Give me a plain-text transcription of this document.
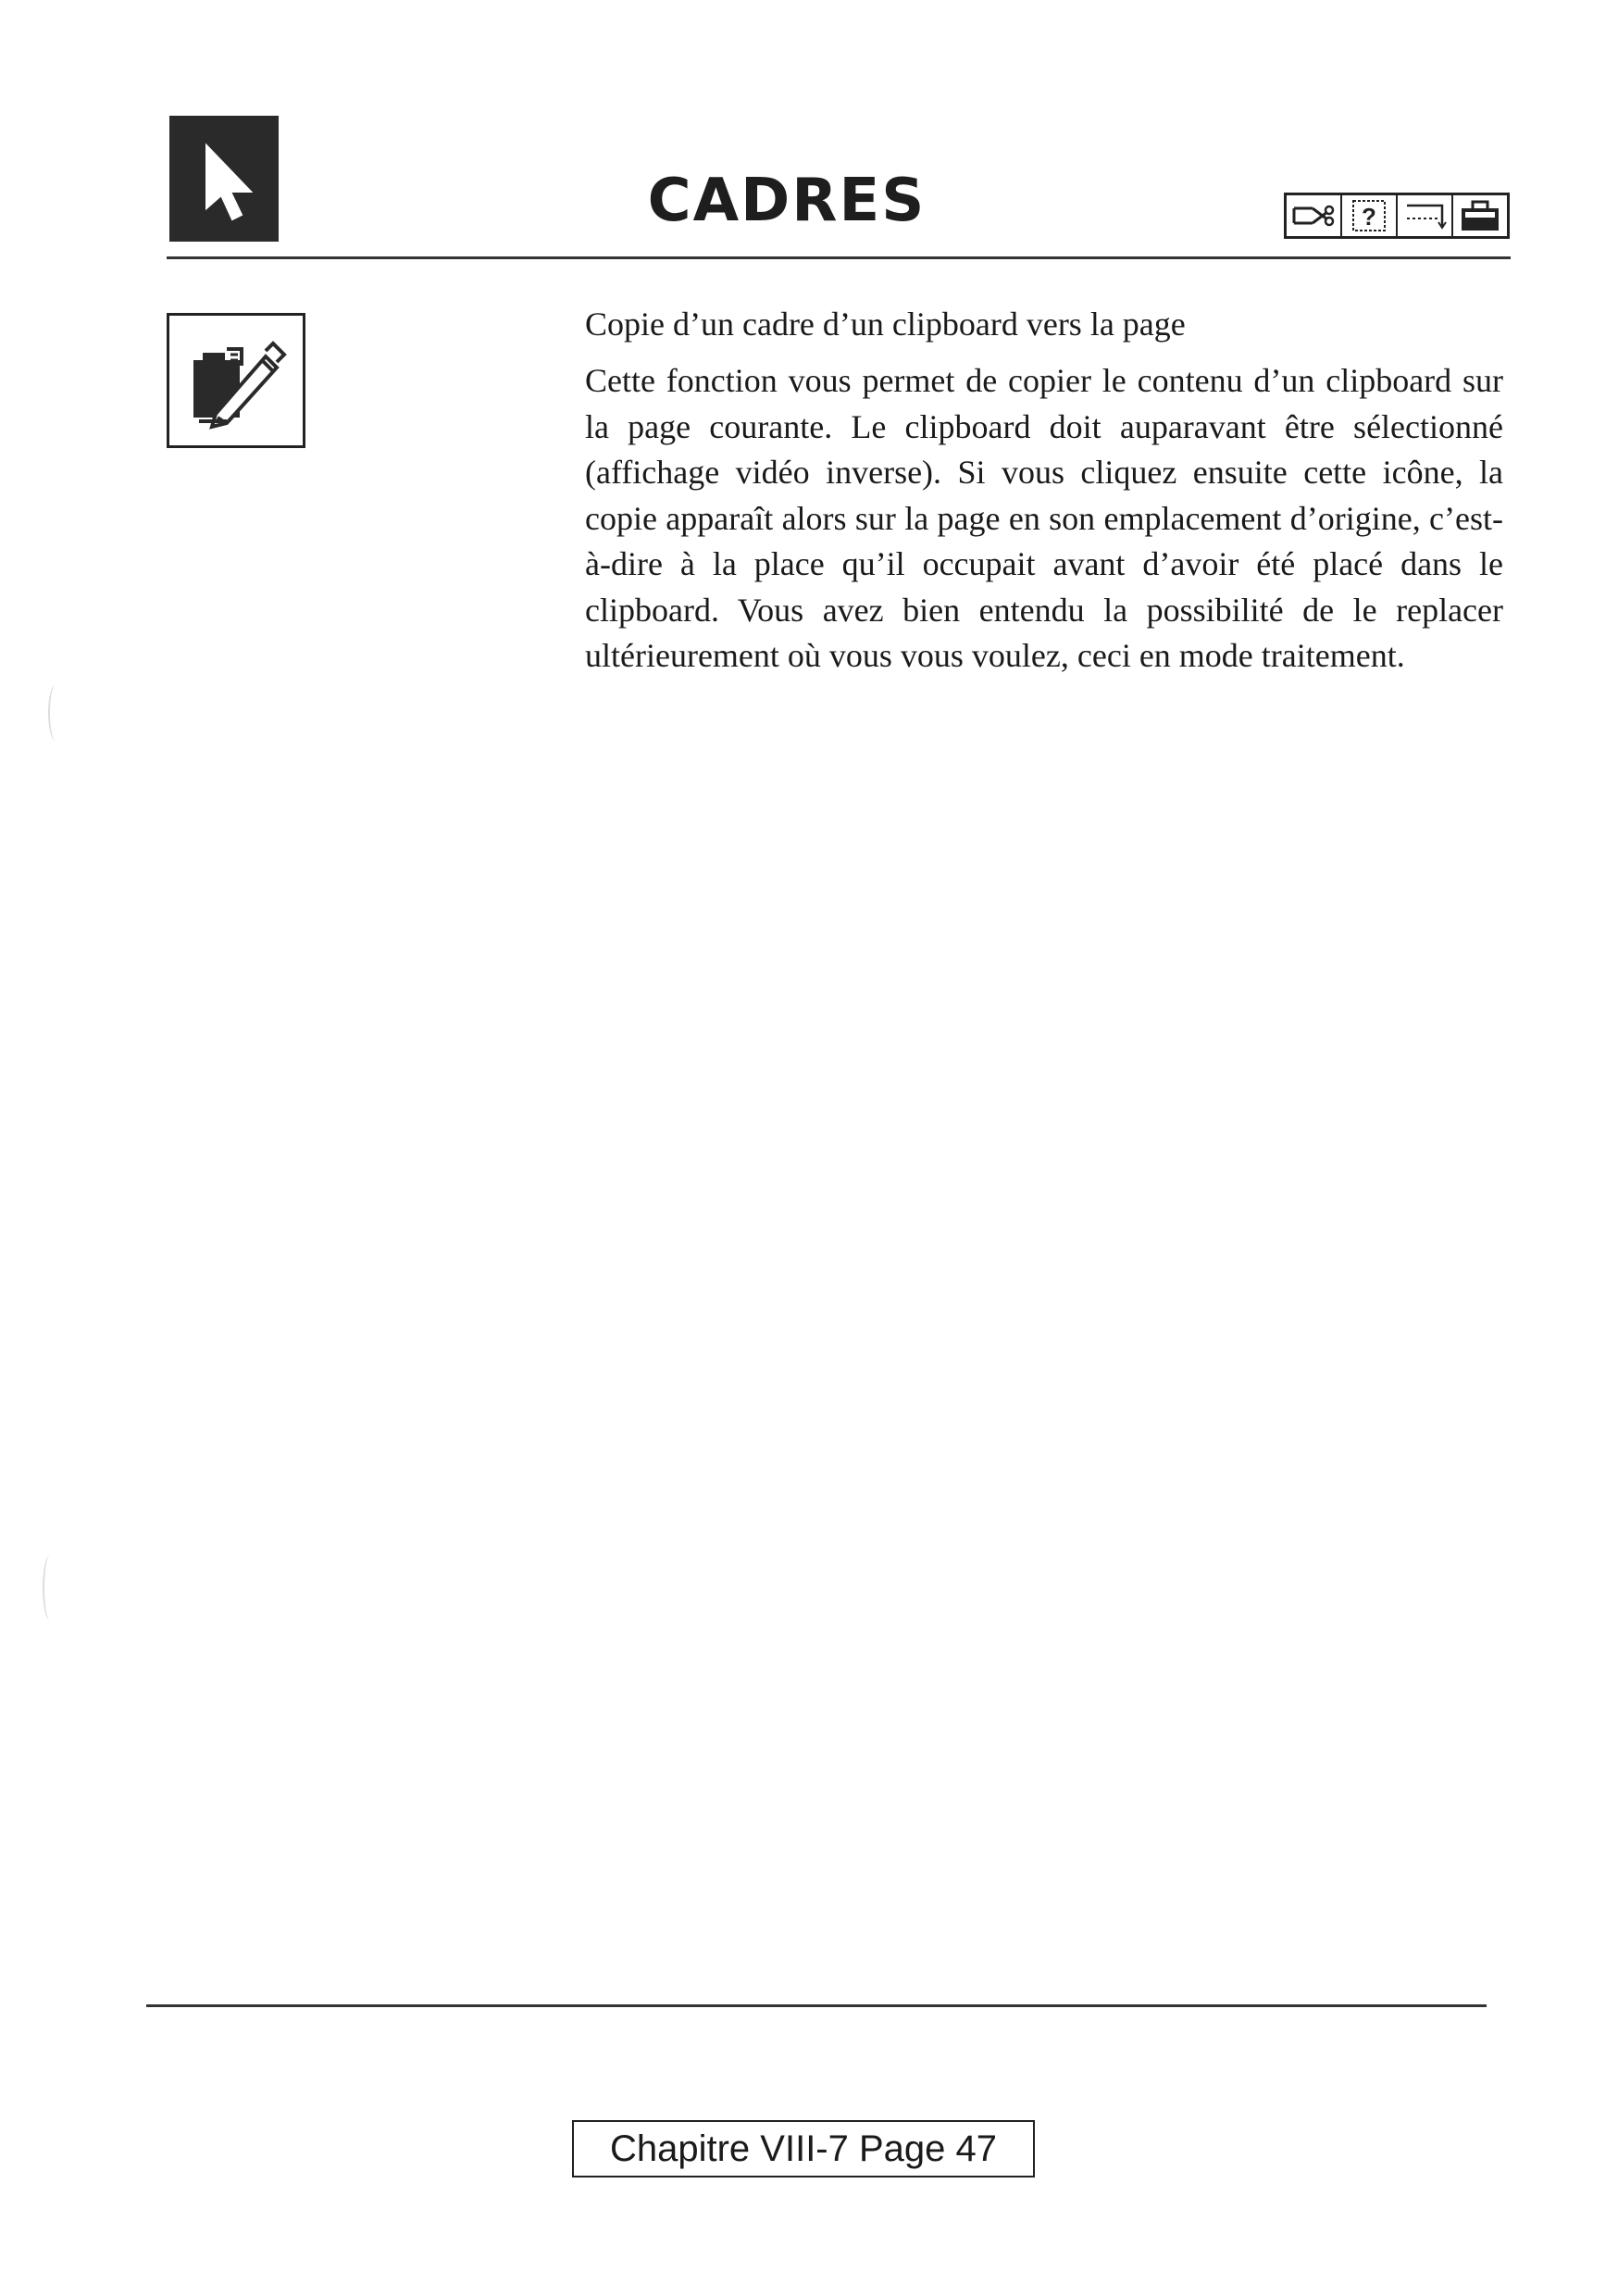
CADRES	?
Copie d’un cadre d’un clipboard vers la page

Cette fonction vous permet de copier le contenu d’un clipboard sur la page courante. Le clipboard doit auparavant être sélectionné (affichage vidéo inverse). Si vous cliquez ensuite cette icône, la copie apparaît alors sur la page en son emplacement d’origine, c’est-à-dire à la place qu’il occupait avant d’avoir été placé dans le clipboard. Vous avez bien entendu la possibilité de le replacer ultérieurement où vous vous voulez, ceci en mode traitement.

Chapitre VIII-7 Page 47
